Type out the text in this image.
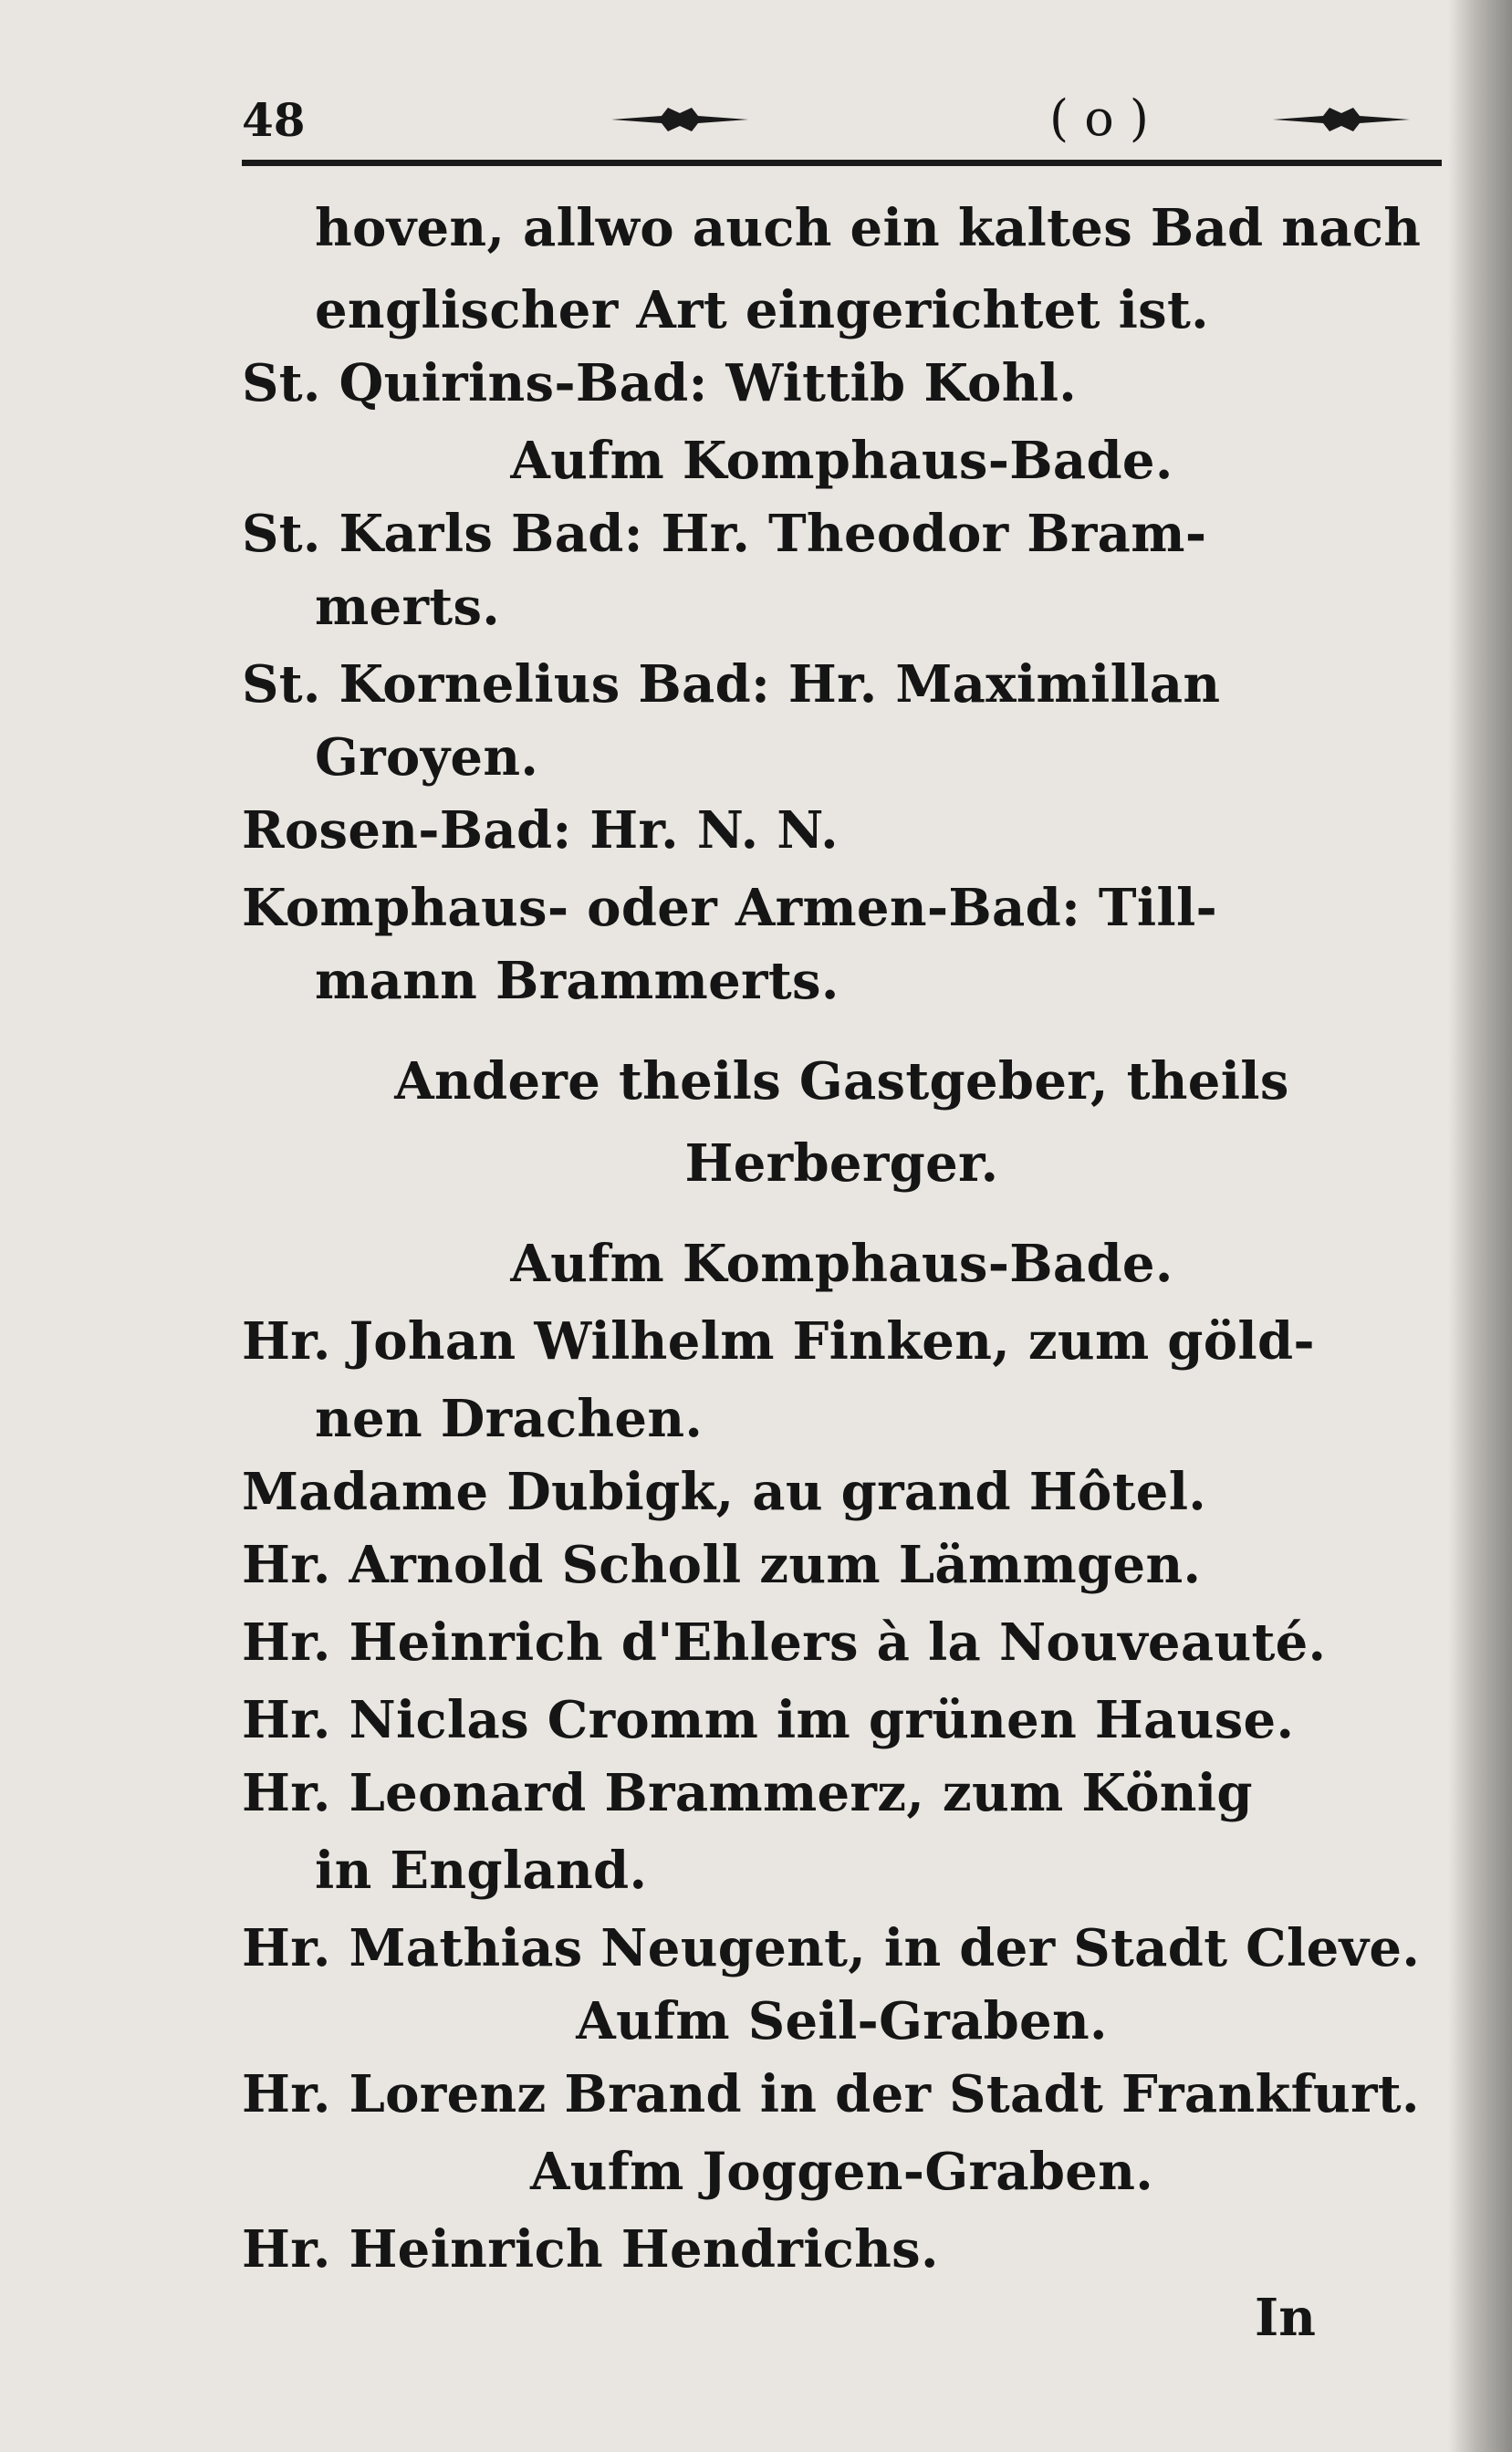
48	( o )
hoven, allwo auch ein kaltes Bad nach
englischer Art eingerichtet ist.
St. Quirins-Bad: Wittib Kohl.
Aufm Komphaus-Bade.
St. Karls Bad: Hr. Theodor Bram-
merts.
St. Kornelius Bad: Hr. Maximillan
Groyen.
Rosen-Bad: Hr. N. N.
Komphaus- oder Armen-Bad: Till-
mann Brammerts.
Andere theils Gastgeber, theils
Herberger.
Aufm Komphaus-Bade.
Hr. Johan Wilhelm Finken, zum göld-
nen Drachen.
Madame Dubigk, au grand Hôtel.
Hr. Arnold Scholl zum Lämmgen.
Hr. Heinrich d'Ehlers à la Nouveauté.
Hr. Niclas Cromm im grünen Hause.
Hr. Leonard Brammerz, zum König
in England.
Hr. Mathias Neugent, in der Stadt Cleve.
Aufm Seil-Graben.
Hr. Lorenz Brand in der Stadt Frankfurt.
Aufm Joggen-Graben.
Hr. Heinrich Hendrichs.
In
